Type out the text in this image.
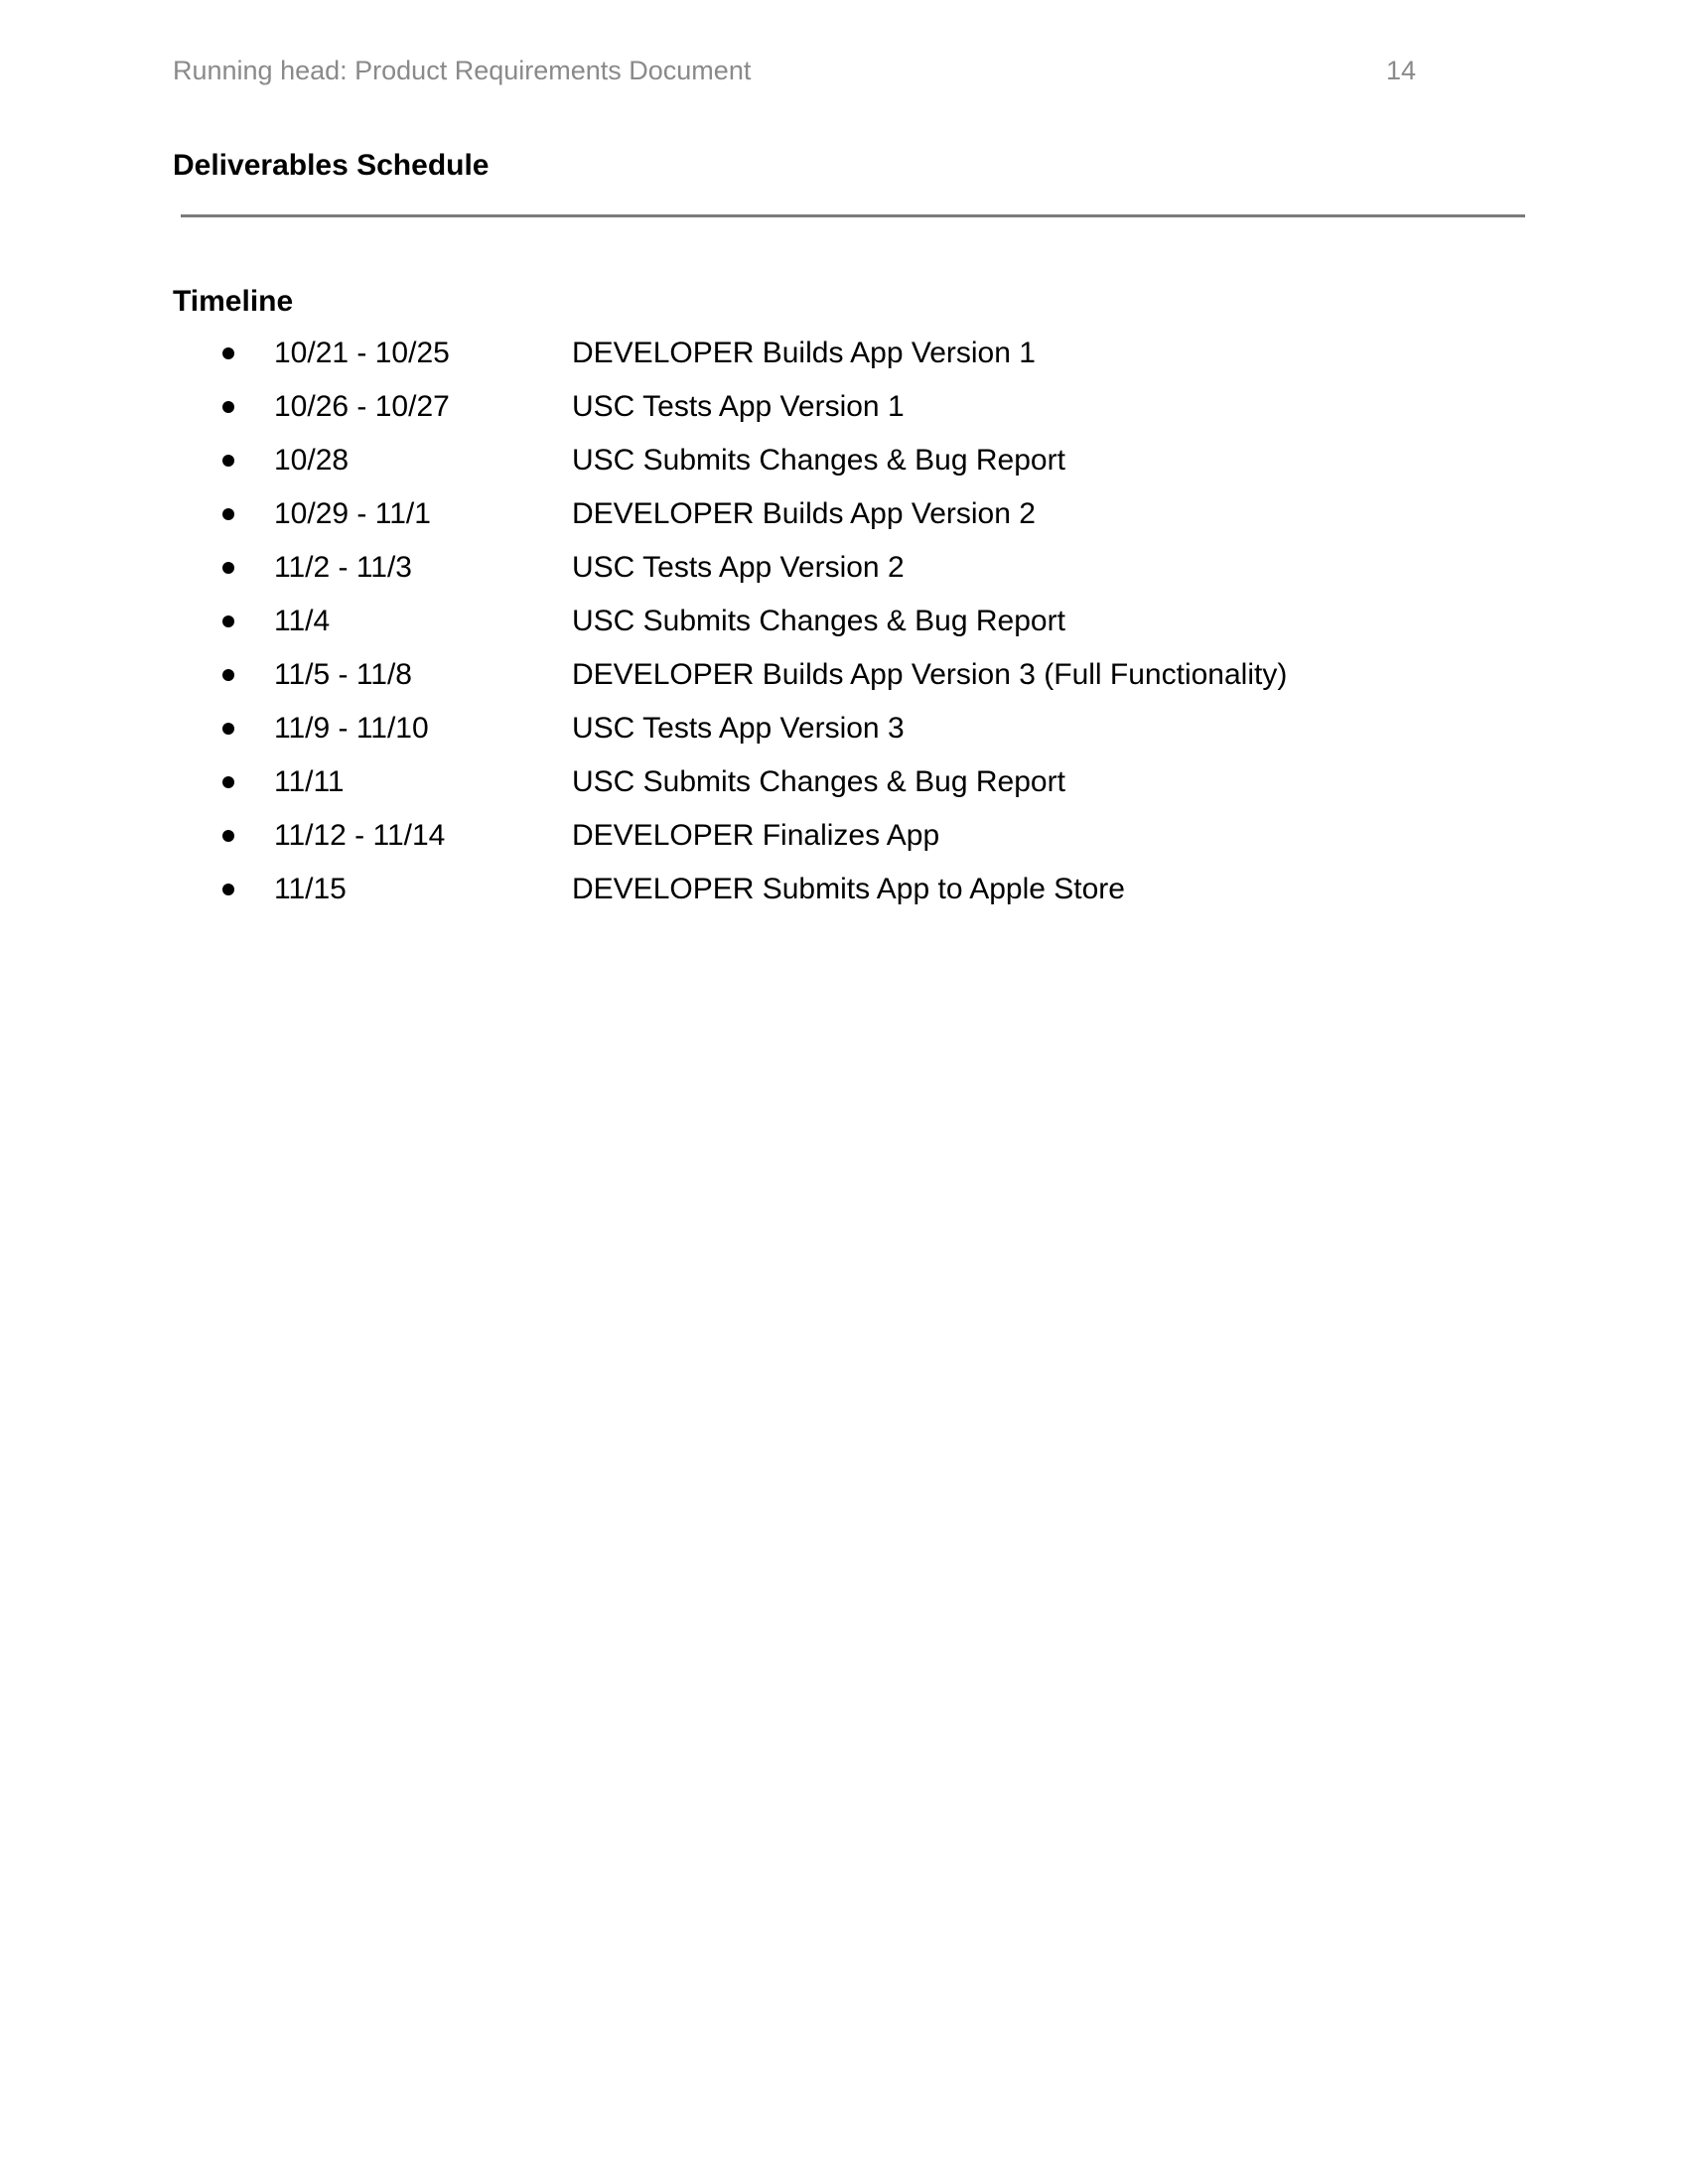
Running head: Product Requirements Document	14
Deliverables Schedule
Timeline
10/21 - 10/25	DEVELOPER Builds App Version 1
10/26 - 10/27	USC Tests App Version 1
10/28	USC Submits Changes & Bug Report
10/29 - 11/1	DEVELOPER Builds App Version 2
11/2 - 11/3	USC Tests App Version 2
11/4	USC Submits Changes & Bug Report
11/5 - 11/8	DEVELOPER Builds App Version 3 (Full Functionality)
11/9 - 11/10	USC Tests App Version 3
11/11	USC Submits Changes & Bug Report
11/12 - 11/14	DEVELOPER Finalizes App
11/15	DEVELOPER Submits App to Apple Store
